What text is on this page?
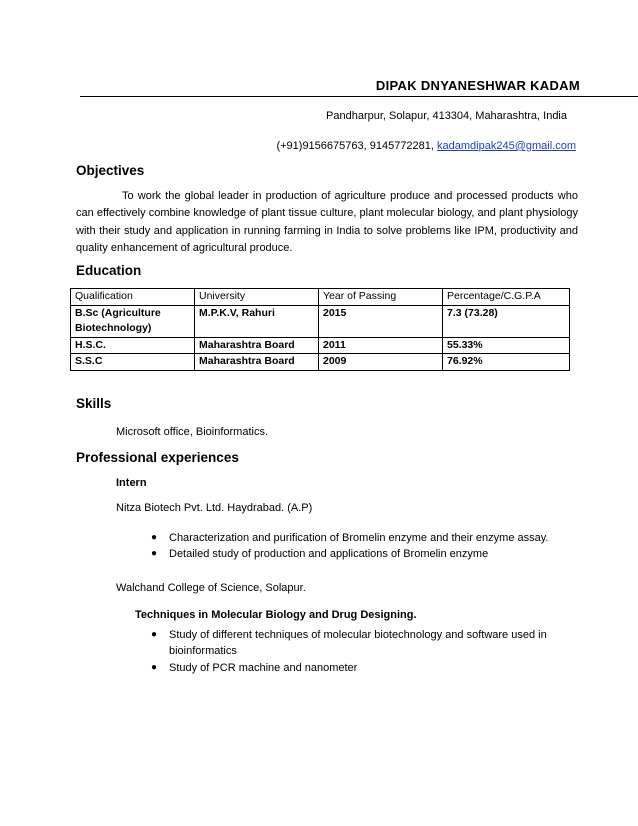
DIPAK DNYANESHWAR KADAM
Pandharpur, Solapur, 413304, Maharashtra, India
(+91)9156675763, 9145772281, kadamdipak245@gmail.com
Objectives
To work the global leader in production of agriculture produce and processed products who can effectively combine knowledge of plant tissue culture, plant molecular biology, and plant physiology with their study and application in running farming in India to solve problems like IPM, productivity and quality enhancement of agricultural produce.
Education
Qualification	University	Year of Passing	Percentage/C.G.P.A
B.Sc (Agriculture Biotechnology)	M.P.K.V, Rahuri	2015	7.3 (73.28)
H.S.C.	Maharashtra Board	2011	55.33%
S.S.C	Maharashtra Board	2009	76.92%
Skills
Microsoft office, Bioinformatics.
Professional experiences
Intern
Nitza Biotech Pvt. Ltd. Haydrabad. (A.P)
● Characterization and purification of Bromelin enzyme and their enzyme assay.
● Detailed study of production and applications of Bromelin enzyme
Walchand College of Science, Solapur.
Techniques in Molecular Biology and Drug Designing.
● Study of different techniques of molecular biotechnology and software used in bioinformatics
● Study of PCR machine and nanometer
